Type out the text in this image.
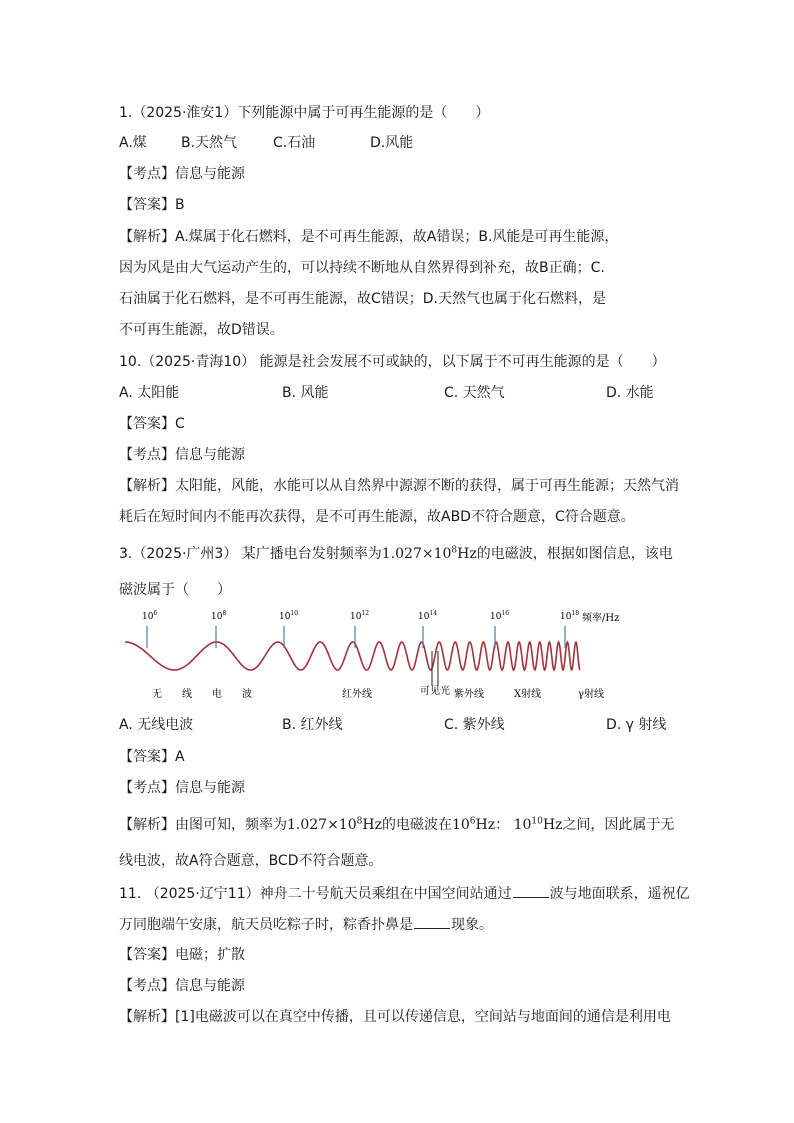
1.（2025·淮安1）下列能源中属于可再生能源的是（　　）
A.煤 B.天然气	C.石油	D.风能
【考点】信息与能源
【答案】B
【解析】A.煤属于化石燃料，是不可再生能源，故A错误；B.风能是可再生能源，
因为风是由大气运动产生的，可以持续不断地从自然界得到补充，故B正确；C.
石油属于化石燃料，是不可再生能源，故C错误；D.天然气也属于化石燃料，是
不可再生能源，故D错误。
10.（2025·青海10） 能源是社会发展不可或缺的，以下属于不可再生能源的是（　　）
A. 太阳能	B. 风能	C. 天然气	D. 水能
【答案】C
【考点】信息与能源
【解析】太阳能，风能，水能可以从自然界中源源不断的获得，属于可再生能源；天然气消
耗后在短时间内不能再次获得，是不可再生能源，故ABD不符合题意，C符合题意。
3.（2025·广州3） 某广播电台发射频率为$1.027\times 10^8Hz$的电磁波，根据如图信息，该电
磁波属于（　　）
$10^6$	$10^8$	$10^{10}$	$10^{12}$	$10^{14}$	$10^{16}$	$10^{18}$ 频率/Hz
无　　线　　电　　波	红外线	可见光 紫外线	X射线	γ射线
A. 无线电波	B. 红外线	C. 紫外线	D. γ 射线
【答案】A
【考点】信息与能源
【解析】由图可知，频率为$1.027\times 10^8Hz$的电磁波在$10^6Hz$： $10^{10}Hz$之间，因此属于无
线电波，故A符合题意，BCD不符合题意。
11. （2025·辽宁11）神舟二十号航天员乘组在中国空间站通过	波与地面联系，遥祝亿
万同胞端午安康，航天员吃粽子时，粽香扑鼻是	现象。
【答案】电磁；扩散
【考点】信息与能源
【解析】[1]电磁波可以在真空中传播，且可以传递信息，空间站与地面间的通信是利用电
